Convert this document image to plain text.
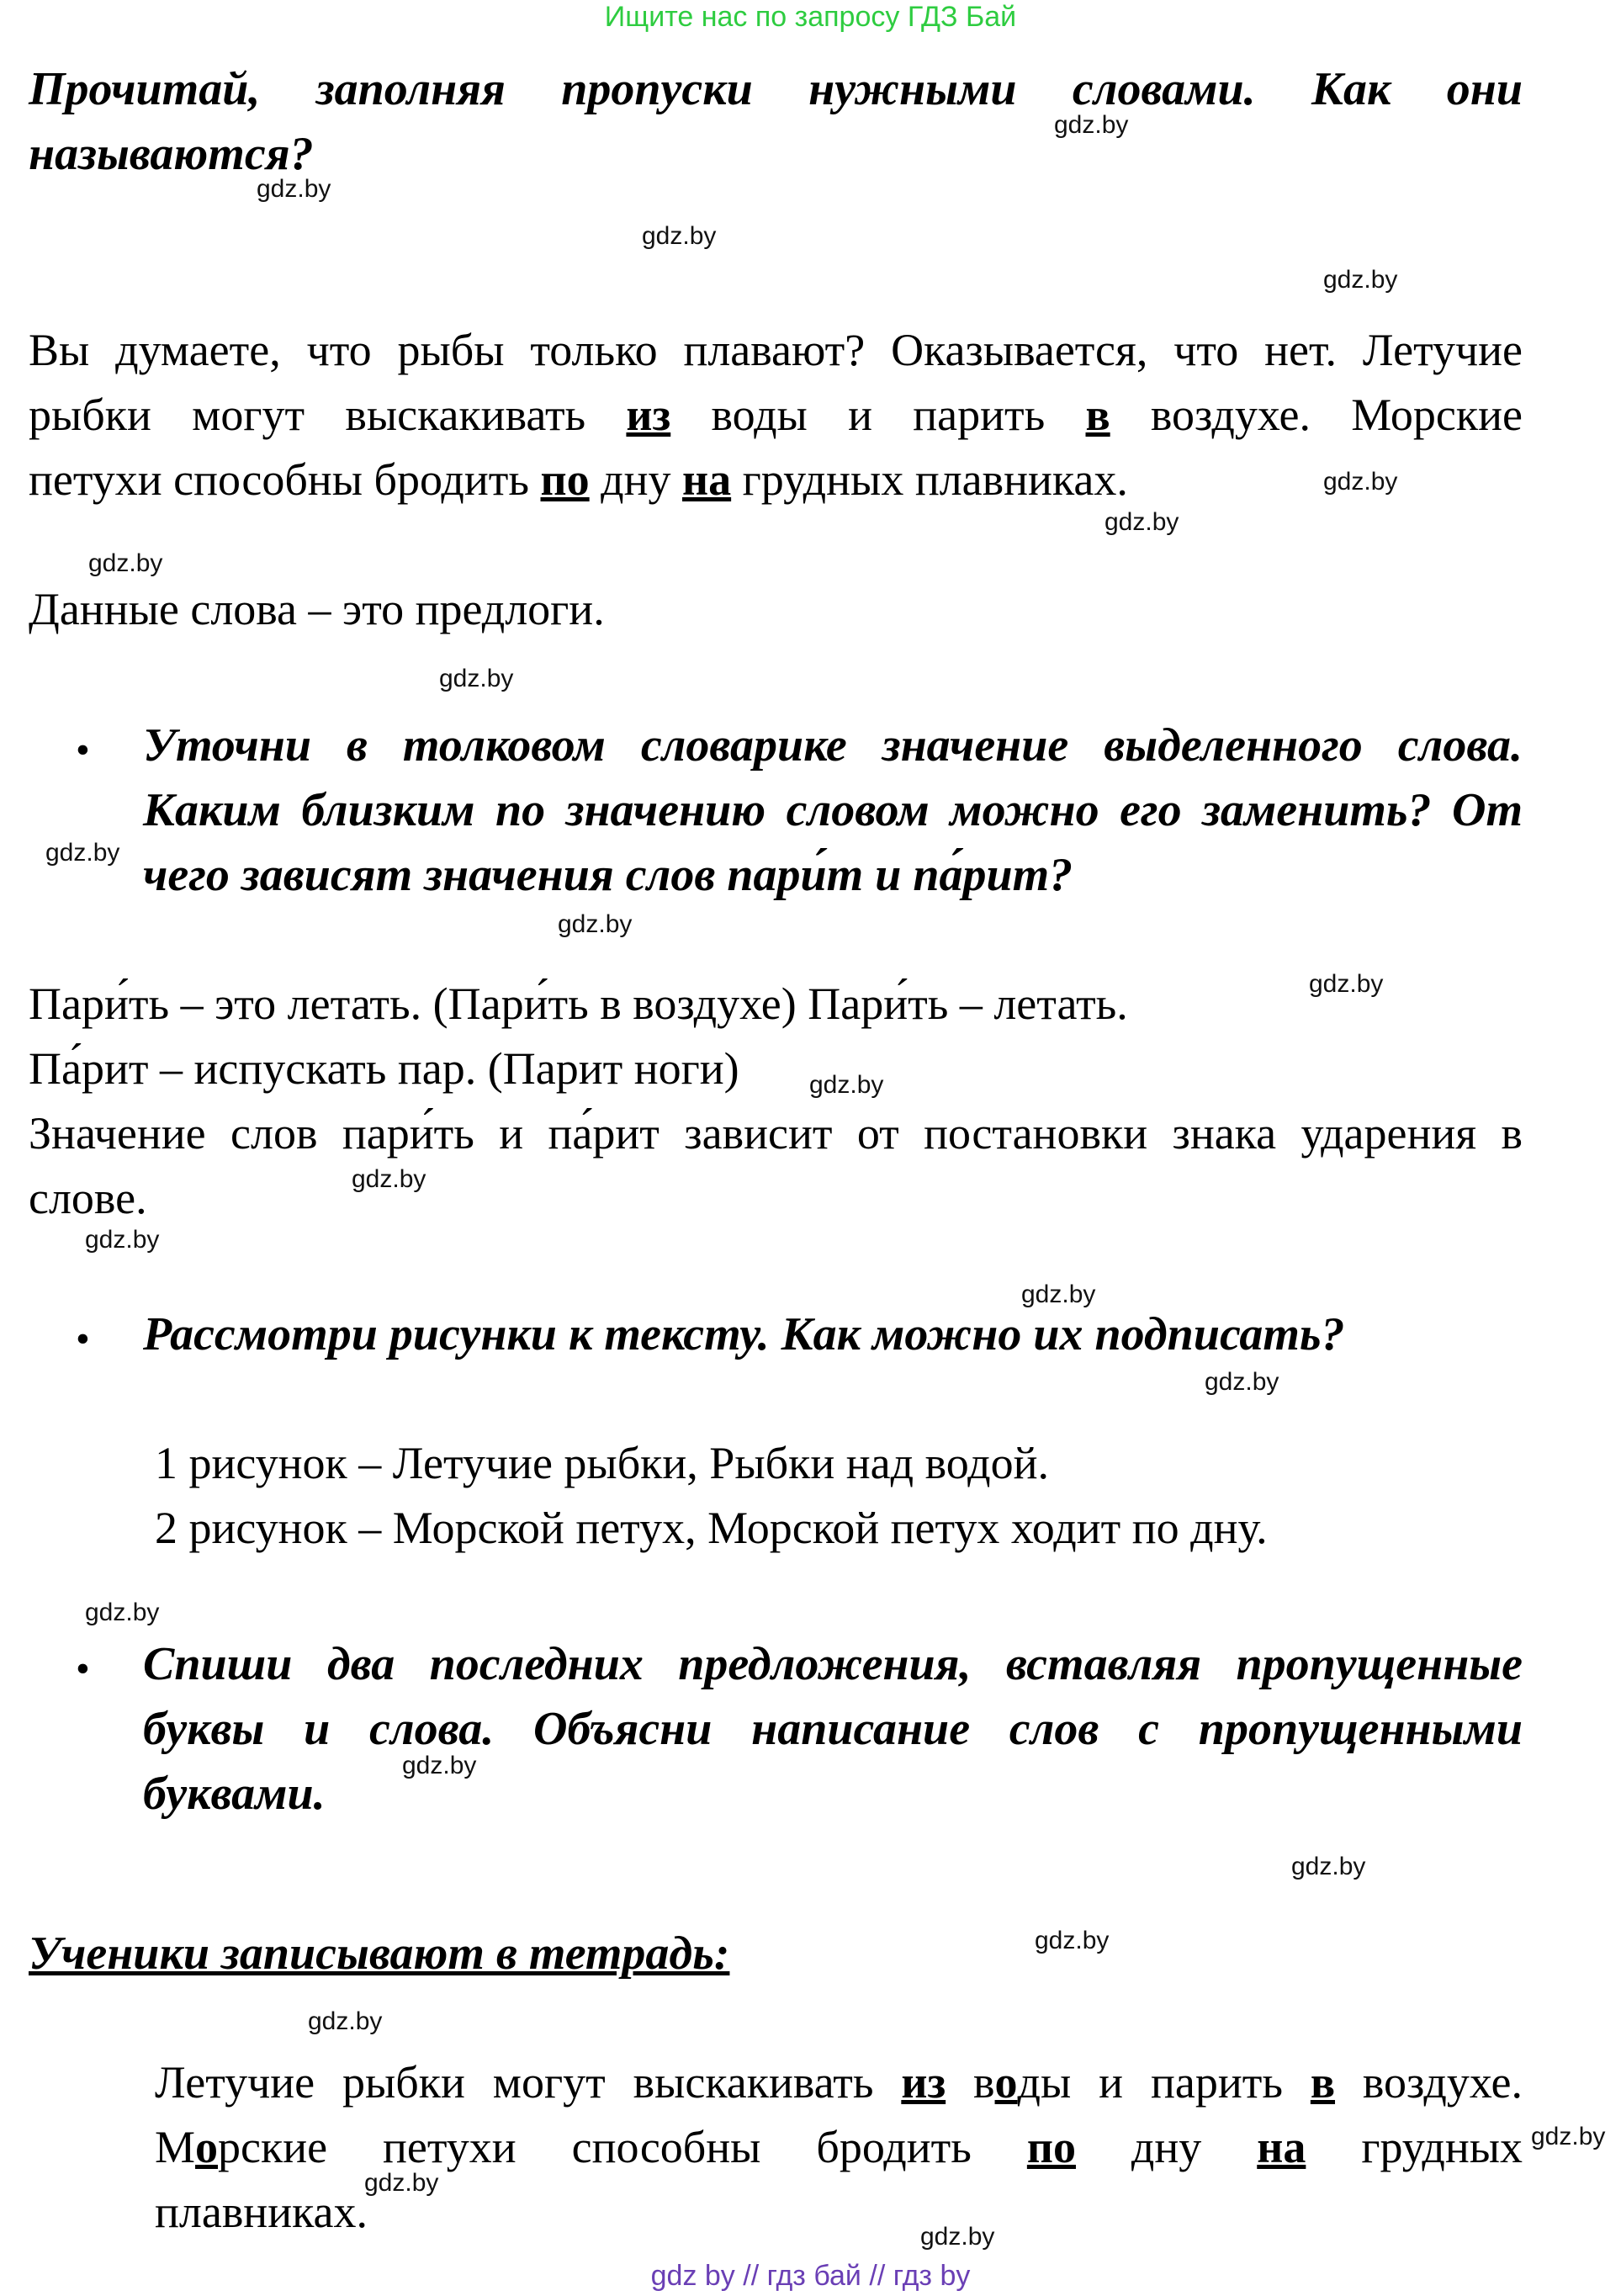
Ищите нас по запросу ГДЗ Бай
Прочитай, заполняя пропуски нужными словами. Как они
называются?
Вы думаете, что рыбы только плавают? Оказывается, что нет. Летучие
рыбки могут выскакивать из воды и парить в воздухе. Морские
петухи способны бродить по дну на грудных плавниках.
Данные слова – это предлоги.
• Уточни в толковом словарике значение выделенного слова.
Каким близким по значению словом можно его заменить? От
чего зависят значения слов пари́т и па́рит?
Пари́ть – это летать. (Пари́ть в воздухе) Пари́ть – летать.
Па́рит – испускать пар. (Парит ноги)
Значение слов пари́ть и па́рит зависит от постановки знака ударения в
слове.
• Рассмотри рисунки к тексту. Как можно их подписать?
1 рисунок – Летучие рыбки, Рыбки над водой.
2 рисунок – Морской петух, Морской петух ходит по дну.
• Спиши два последних предложения, вставляя пропущенные
буквы и слова. Объясни написание слов с пропущенными
буквами.
Ученики записывают в тетрадь:
Летучие рыбки могут выскакивать из воды и парить в воздухе.
Морские петухи способны бродить по дну на грудных
плавниках.
gdz.by
gdz.by
gdz.by
gdz.by
gdz.by
gdz.by
gdz.by
gdz.by
gdz.by
gdz.by
gdz.by
gdz.by
gdz.by
gdz.by
gdz.by
gdz.by
gdz.by
gdz.by
gdz.by
gdz.by
gdz.by
gdz.by
gdz.by
gdz.by
gdz by // гдз бай // гдз by
